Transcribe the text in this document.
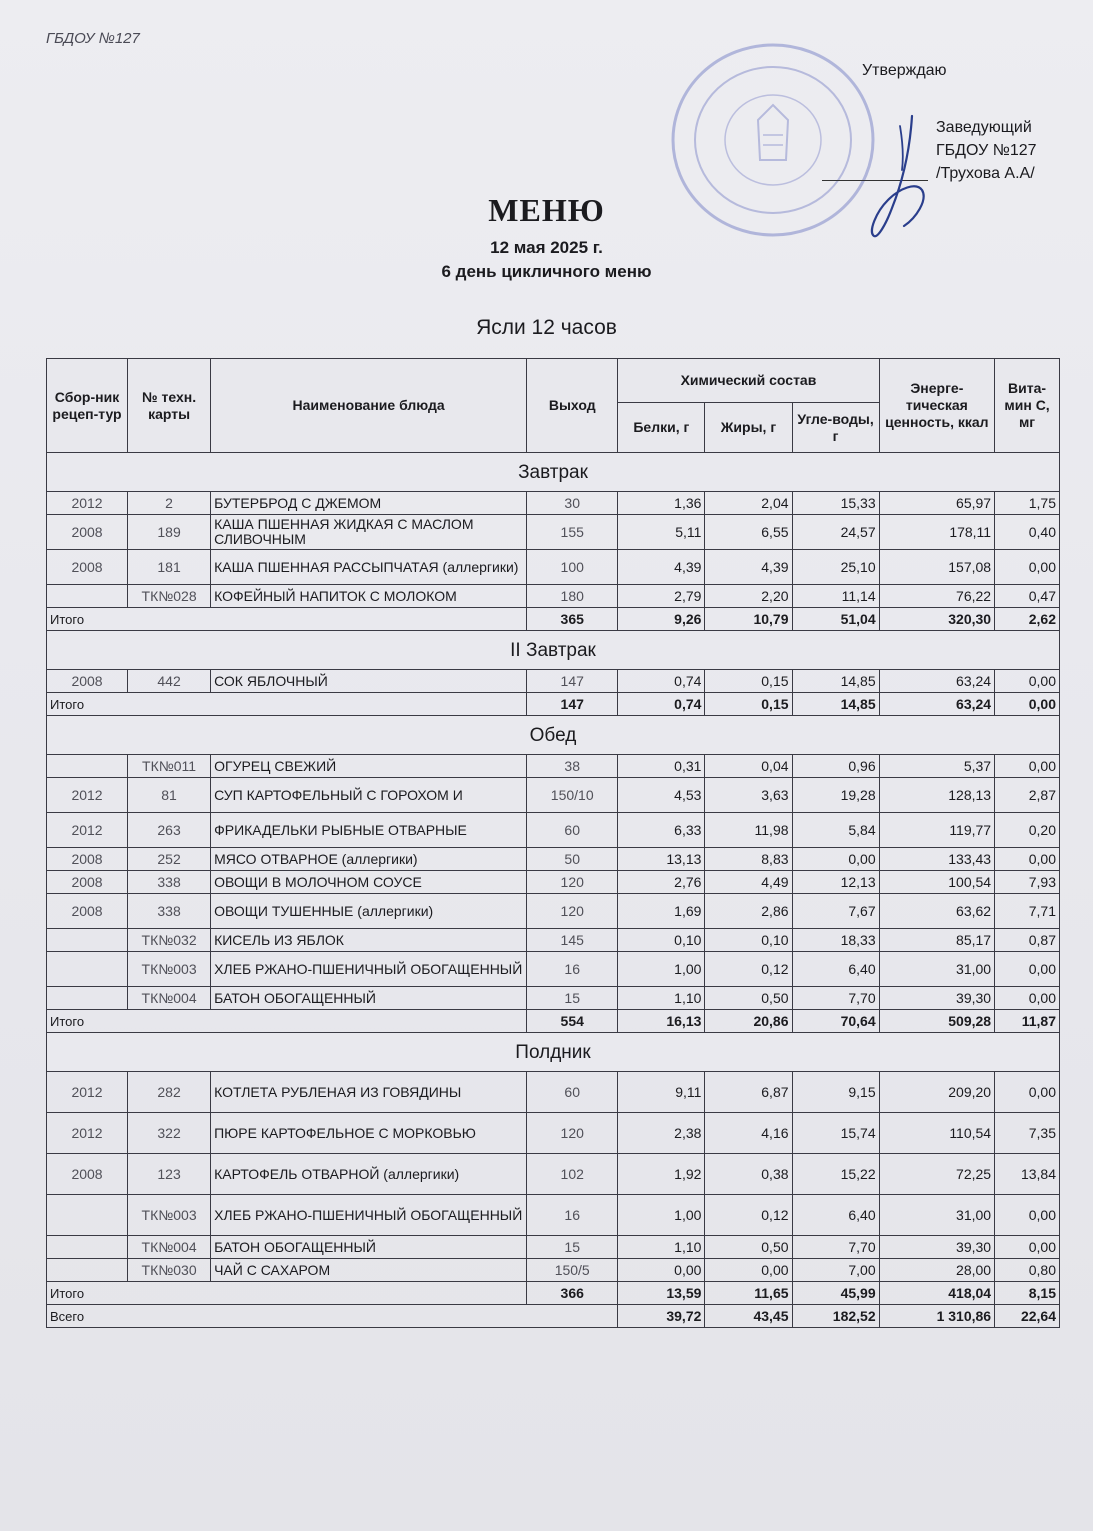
ГБДОУ №127
Утверждаю
Заведующий
ГБДОУ №127
/Трухова А.А/
МЕНЮ
12 мая 2025 г.
6 день цикличного меню
Ясли 12 часов
Сбор-ник рецеп-тур	№ техн. карты	Наименование блюда	Выход	Химический состав			Энерге-тическая ценность, ккал	Вита-мин С, мг
				Белки, г	Жиры, г	Угле-воды, г		
Завтрак								
2012	2	БУТЕРБРОД С ДЖЕМОМ	30	1,36	2,04	15,33	65,97	1,75
2008	189	КАША ПШЕННАЯ ЖИДКАЯ С МАСЛОМ СЛИВОЧНЫМ	155	5,11	6,55	24,57	178,11	0,40
2008	181	КАША ПШЕННАЯ РАССЫПЧАТАЯ (аллергики)	100	4,39	4,39	25,10	157,08	0,00
	ТК№028	КОФЕЙНЫЙ НАПИТОК С МОЛОКОМ	180	2,79	2,20	11,14	76,22	0,47
Итого			365	9,26	10,79	51,04	320,30	2,62
II Завтрак								
2008	442	СОК ЯБЛОЧНЫЙ	147	0,74	0,15	14,85	63,24	0,00
Итого			147	0,74	0,15	14,85	63,24	0,00
Обед								
	ТК№011	ОГУРЕЦ СВЕЖИЙ	38	0,31	0,04	0,96	5,37	0,00
2012	81	СУП КАРТОФЕЛЬНЫЙ С ГОРОХОМ И	150/10	4,53	3,63	19,28	128,13	2,87
2012	263	ФРИКАДЕЛЬКИ РЫБНЫЕ ОТВАРНЫЕ	60	6,33	11,98	5,84	119,77	0,20
2008	252	МЯСО ОТВАРНОЕ (аллергики)	50	13,13	8,83	0,00	133,43	0,00
2008	338	ОВОЩИ В МОЛОЧНОМ СОУСЕ	120	2,76	4,49	12,13	100,54	7,93
2008	338	ОВОЩИ ТУШЕННЫЕ (аллергики)	120	1,69	2,86	7,67	63,62	7,71
	ТК№032	КИСЕЛЬ ИЗ ЯБЛОК	145	0,10	0,10	18,33	85,17	0,87
	ТК№003	ХЛЕБ РЖАНО-ПШЕНИЧНЫЙ ОБОГАЩЕННЫЙ	16	1,00	0,12	6,40	31,00	0,00
	ТК№004	БАТОН ОБОГАЩЕННЫЙ	15	1,10	0,50	7,70	39,30	0,00
Итого			554	16,13	20,86	70,64	509,28	11,87
Полдник								
2012	282	КОТЛЕТА РУБЛЕНАЯ ИЗ ГОВЯДИНЫ	60	9,11	6,87	9,15	209,20	0,00
2012	322	ПЮРЕ КАРТОФЕЛЬНОЕ С МОРКОВЬЮ	120	2,38	4,16	15,74	110,54	7,35
2008	123	КАРТОФЕЛЬ ОТВАРНОЙ (аллергики)	102	1,92	0,38	15,22	72,25	13,84
	ТК№003	ХЛЕБ РЖАНО-ПШЕНИЧНЫЙ ОБОГАЩЕННЫЙ	16	1,00	0,12	6,40	31,00	0,00
	ТК№004	БАТОН ОБОГАЩЕННЫЙ	15	1,10	0,50	7,70	39,30	0,00
	ТК№030	ЧАЙ С САХАРОМ	150/5	0,00	0,00	7,00	28,00	0,80
Итого			366	13,59	11,65	45,99	418,04	8,15
Всего				39,72	43,45	182,52	1 310,86	22,64
